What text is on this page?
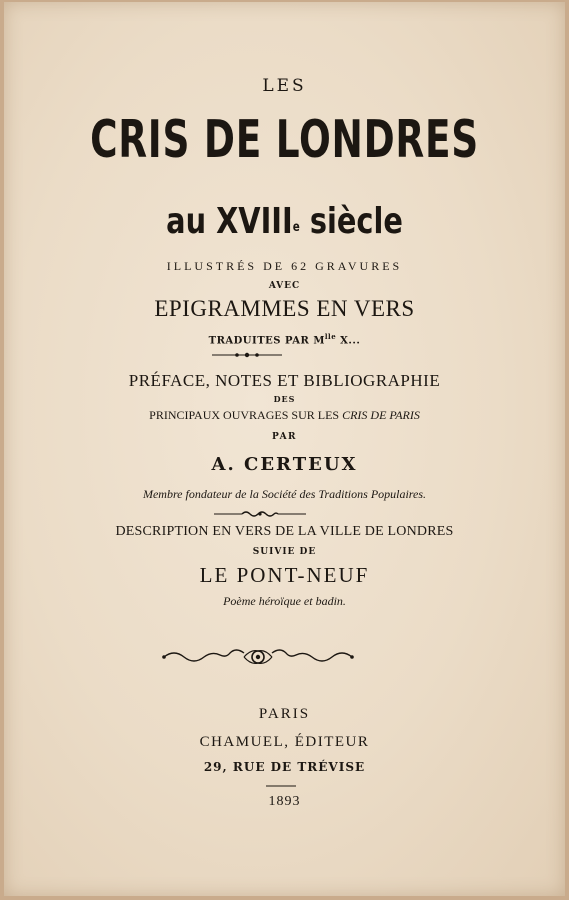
LES
CRIS DE LONDRES
au XVIIIe siècle
ILLUSTRÉS DE 62 GRAVURES
AVEC
EPIGRAMMES EN VERS
TRADUITES PAR $M^{lle}$ X...
PRÉFACE, NOTES ET BIBLIOGRAPHIE
DES
PRINCIPAUX OUVRAGES SUR LES CRIS DE PARIS
PAR
A. CERTEUX
Membre fondateur de la Société des Traditions Populaires.
DESCRIPTION EN VERS DE LA VILLE DE LONDRES
SUIVIE DE
LE PONT-NEUF
Poème héroïque et badin.
PARIS
CHAMUEL, ÉDITEUR
29, RUE DE TRÉVISE
1893
